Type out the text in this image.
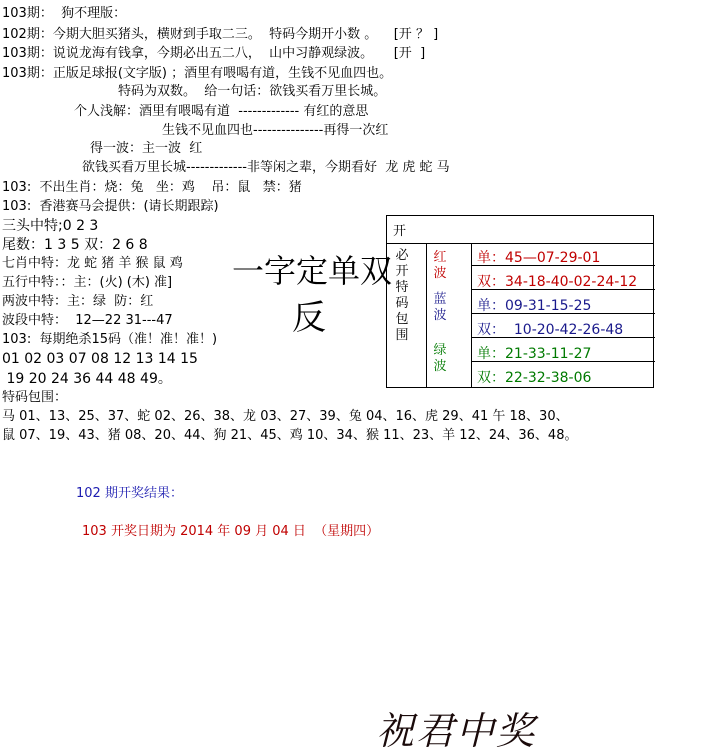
103期：  狗不理版：
102期：今期大胆买猪头，横财到手取二三。  特码今期开小数 。    [开 ？ ]
103期：说说龙海有钱拿，今期必出五二八，  山中习静观绿波。     [开  ]
103期：正版足球报(文字版) ；酒里有喂喝有道，生钱不见血四也。
特码为双数。  给一句话：欲钱买看万里长城。
个人浅解：酒里有喂喝有道  ------------- 有红的意思
生钱不见血四也---------------再得一次红
得一波：主一波  红
欲钱买看万里长城-------------非等闲之辈，今期看好  龙 虎 蛇 马
103:  不出生肖：烧：兔   坐：鸡    吊：鼠   禁：猪
103:  香港赛马会提供：(请长期跟踪)
三头中特;0 2 3
尾数：1 3 5 双：2 6 8
七肖中特：龙 蛇 猪 羊 猴 鼠 鸡
五行中特：：主：(火) (木) 准]
两波中特：主：绿  防：红
波段中特：  12—22 31---47
103:  每期绝杀15码（准！准！准！)
01 02 03 07 08 12 13 14 15
19 20 24 36 44 48 49。
特码包围：
马 01、13、25、37、蛇 02、26、38、龙 03、27、39、兔 04、16、虎 29、41 午 18、30、
鼠 07、19、43、猪 08、20、44、狗 21、45、鸡 10、34、猴 11、23、羊 12、24、36、48。
102 期开奖结果：
103 开奖日期为 2014 年 09 月 04 日  （星期四）
一字定单双
反
开
必开特码包围
红波
蓝波
绿波
单：45—07-29-01
双：34-18-40-02-24-12
单：09-31-15-25
双：  10-20-42-26-48
单：21-33-11-27
双：22-32-38-06
祝君中奖
